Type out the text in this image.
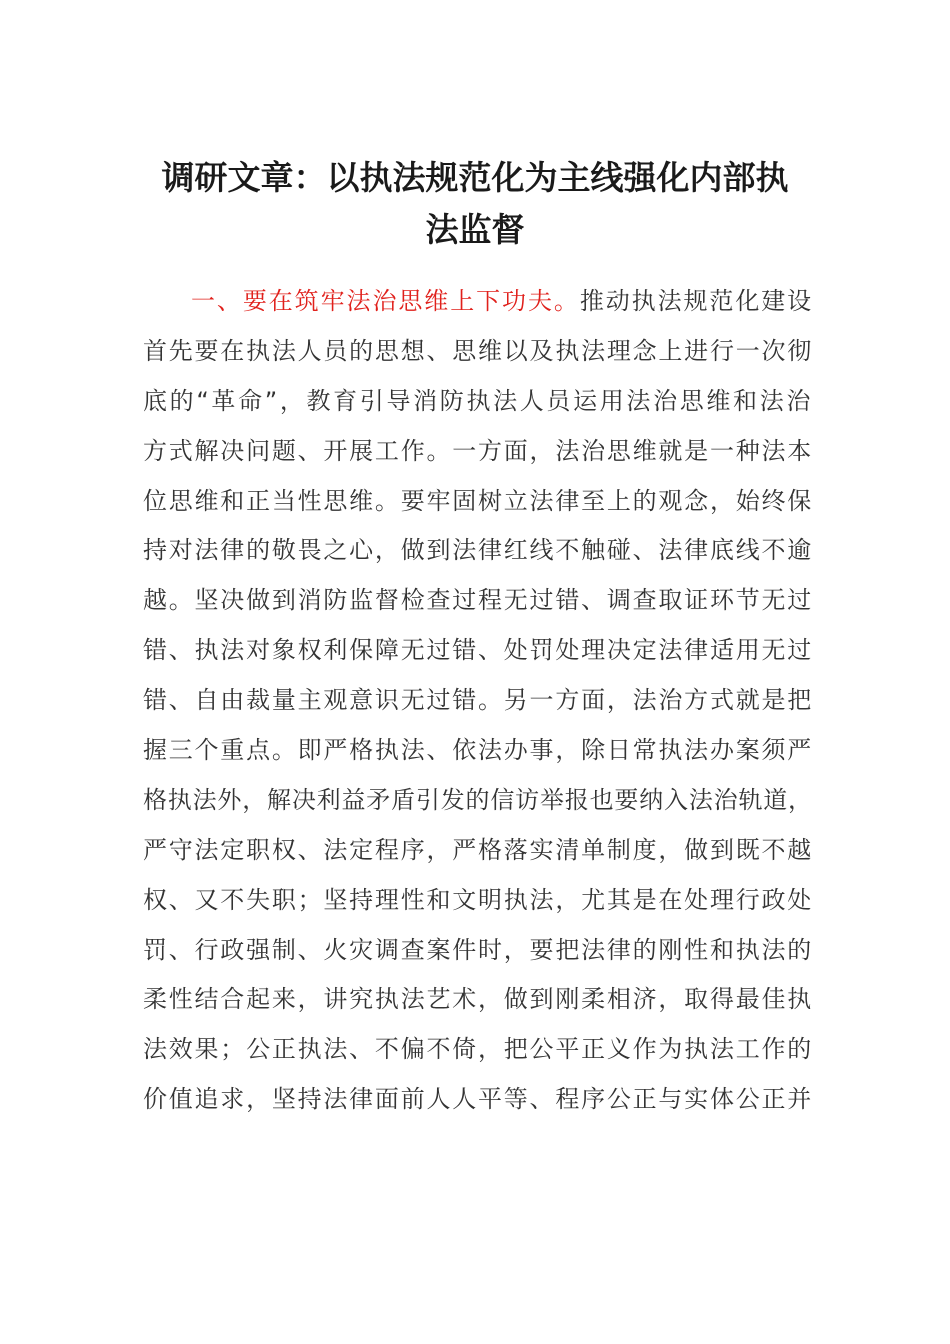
调研文章：以执法规范化为主线强化内部执
法监督
一、要在筑牢法治思维上下功夫。推动执法规范化建设
首先要在执法人员的思想、思维以及执法理念上进行一次彻
底的“革命”，教育引导消防执法人员运用法治思维和法治
方式解决问题、开展工作。一方面，法治思维就是一种法本
位思维和正当性思维。要牢固树立法律至上的观念，始终保
持对法律的敬畏之心，做到法律红线不触碰、法律底线不逾
越。坚决做到消防监督检查过程无过错、调查取证环节无过
错、执法对象权利保障无过错、处罚处理决定法律适用无过
错、自由裁量主观意识无过错。另一方面，法治方式就是把
握三个重点。即严格执法、依法办事，除日常执法办案须严
格执法外，解决利益矛盾引发的信访举报也要纳入法治轨道，
严守法定职权、法定程序，严格落实清单制度，做到既不越
权、又不失职；坚持理性和文明执法，尤其是在处理行政处
罚、行政强制、火灾调查案件时，要把法律的刚性和执法的
柔性结合起来，讲究执法艺术，做到刚柔相济，取得最佳执
法效果；公正执法、不偏不倚，把公平正义作为执法工作的
价值追求，坚持法律面前人人平等、程序公正与实体公正并
